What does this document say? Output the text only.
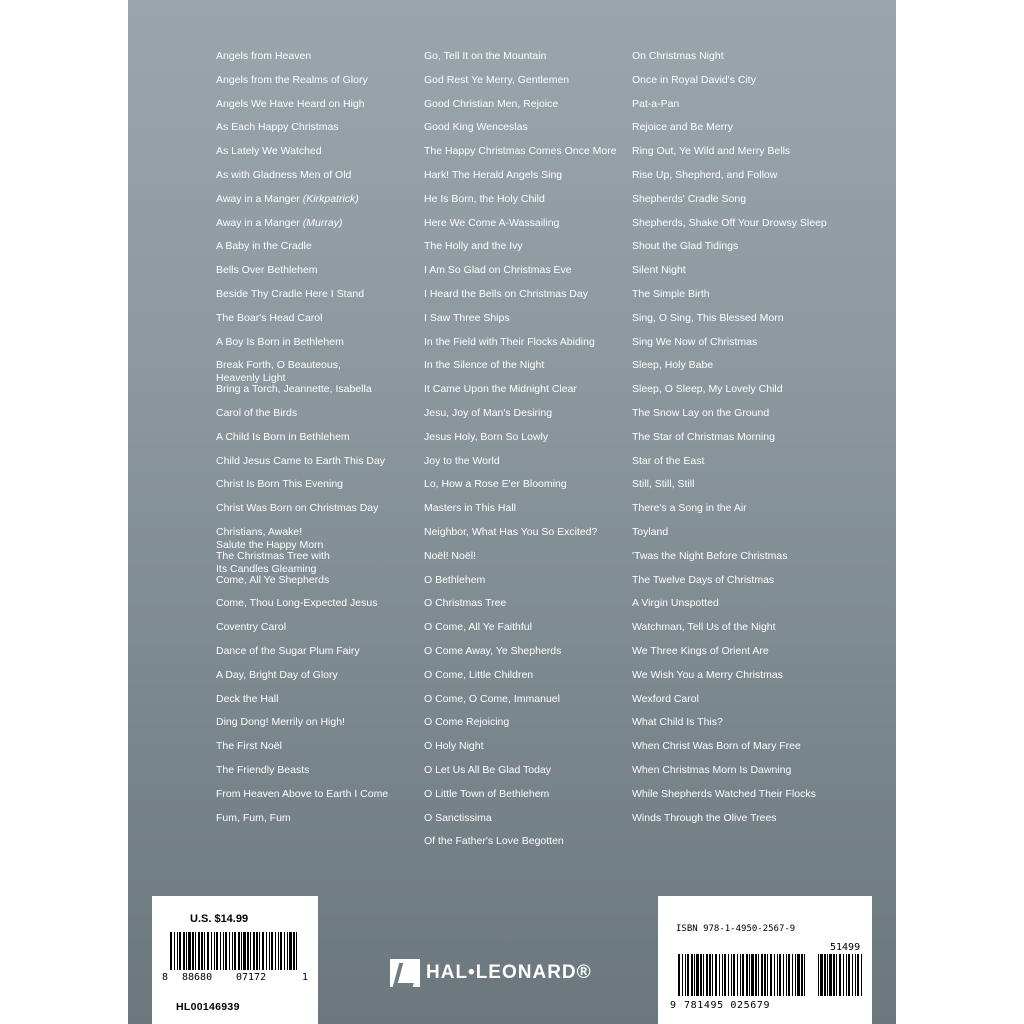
Angels from Heaven
Angels from the Realms of Glory
Angels We Have Heard on High
As Each Happy Christmas
As Lately We Watched
As with Gladness Men of Old
Away in a Manger (Kirkpatrick)
Away in a Manger (Murray)
A Baby in the Cradle
Bells Over Bethlehem
Beside Thy Cradle Here I Stand
The Boar's Head Carol
A Boy Is Born in Bethlehem
Break Forth, O Beauteous,
Heavenly Light
Bring a Torch, Jeannette, Isabella
Carol of the Birds
A Child Is Born in Bethlehem
Child Jesus Came to Earth This Day
Christ Is Born This Evening
Christ Was Born on Christmas Day
Christians, Awake!
Salute the Happy Morn
The Christmas Tree with
Its Candles Gleaming
Come, All Ye Shepherds
Come, Thou Long-Expected Jesus
Coventry Carol
Dance of the Sugar Plum Fairy
A Day, Bright Day of Glory
Deck the Hall
Ding Dong! Merrily on High!
The First Noël
The Friendly Beasts
From Heaven Above to Earth I Come
Fum, Fum, Fum
Go, Tell It on the Mountain
God Rest Ye Merry, Gentlemen
Good Christian Men, Rejoice
Good King Wenceslas
The Happy Christmas Comes Once More
Hark! The Herald Angels Sing
He Is Born, the Holy Child
Here We Come A-Wassailing
The Holly and the Ivy
I Am So Glad on Christmas Eve
I Heard the Bells on Christmas Day
I Saw Three Ships
In the Field with Their Flocks Abiding
In the Silence of the Night
It Came Upon the Midnight Clear
Jesu, Joy of Man's Desiring
Jesus Holy, Born So Lowly
Joy to the World
Lo, How a Rose E'er Blooming
Masters in This Hall
Neighbor, What Has You So Excited?
Noël! Noël!
O Bethlehem
O Christmas Tree
O Come, All Ye Faithful
O Come Away, Ye Shepherds
O Come, Little Children
O Come, O Come, Immanuel
O Come Rejoicing
O Holy Night
O Let Us All Be Glad Today
O Little Town of Bethlehem
O Sanctissima
Of the Father's Love Begotten
On Christmas Night
Once in Royal David's City
Pat-a-Pan
Rejoice and Be Merry
Ring Out, Ye Wild and Merry Bells
Rise Up, Shepherd, and Follow
Shepherds' Cradle Song
Shepherds, Shake Off Your Drowsy Sleep
Shout the Glad Tidings
Silent Night
The Simple Birth
Sing, O Sing, This Blessed Morn
Sing We Now of Christmas
Sleep, Holy Babe
Sleep, O Sleep, My Lovely Child
The Snow Lay on the Ground
The Star of Christmas Morning
Star of the East
Still, Still, Still
There's a Song in the Air
Toyland
'Twas the Night Before Christmas
The Twelve Days of Christmas
A Virgin Unspotted
Watchman, Tell Us of the Night
We Three Kings of Orient Are
We Wish You a Merry Christmas
Wexford Carol
What Child Is This?
When Christ Was Born of Mary Free
When Christmas Morn Is Dawning
While Shepherds Watched Their Flocks
Winds Through the Olive Trees
U.S. $14.99
8 88680 07172	1
HL00146939
ISBN 978-1-4950-2567-9
51499
9 781495 025679
HAL•LEONARD®
